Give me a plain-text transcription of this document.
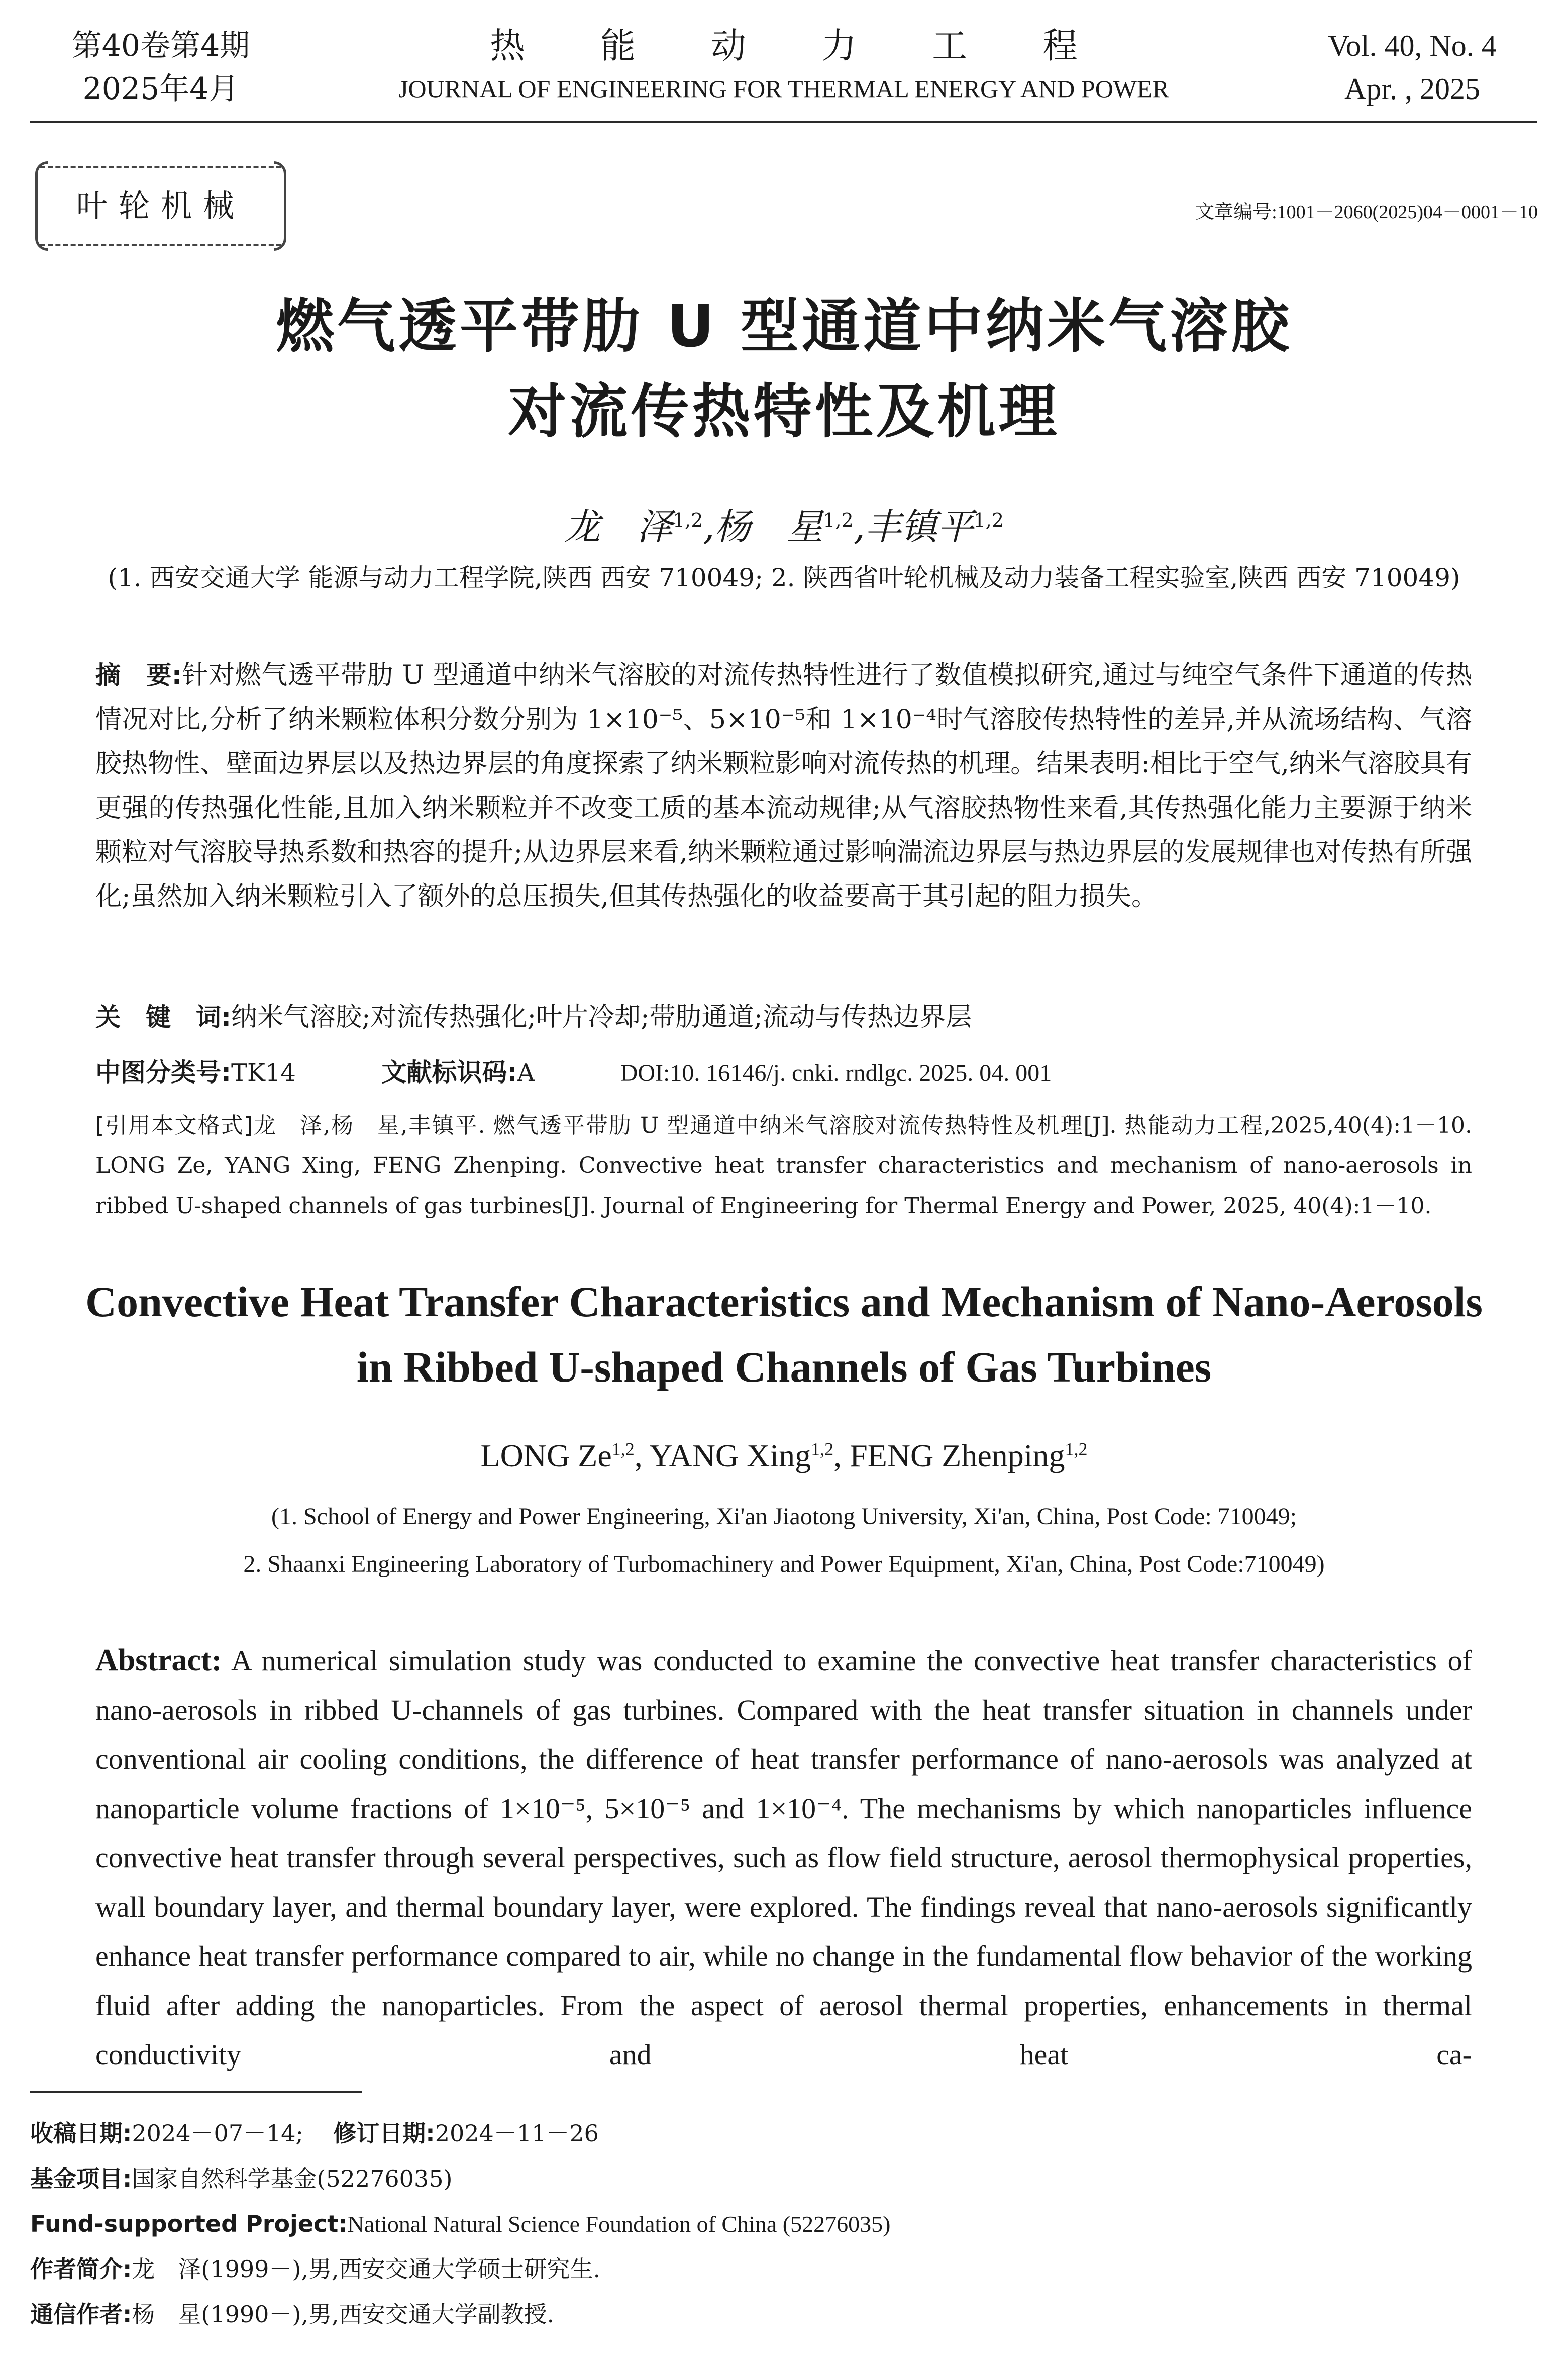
第40卷第4期
2025年4月
热能动力工程
JOURNAL OF ENGINEERING FOR THERMAL ENERGY AND POWER
Vol. 40, No. 4
Apr. , 2025
叶轮机械	文章编号:1001－2060(2025)04－0001－10
燃气透平带肋 U 型通道中纳米气溶胶
对流传热特性及机理
龙　泽$^{1,2}$,杨　星$^{1,2}$,丰镇平$^{1,2}$
(1. 西安交通大学 能源与动力工程学院,陕西 西安 710049; 2. 陕西省叶轮机械及动力装备工程实验室,陕西 西安 710049)
摘　要:针对燃气透平带肋 U 型通道中纳米气溶胶的对流传热特性进行了数值模拟研究,通过与纯空气条件下通道的传热情况对比,分析了纳米颗粒体积分数分别为 1×10⁻⁵、5×10⁻⁵和 1×10⁻⁴时气溶胶传热特性的差异,并从流场结构、气溶胶热物性、壁面边界层以及热边界层的角度探索了纳米颗粒影响对流传热的机理。结果表明:相比于空气,纳米气溶胶具有更强的传热强化性能,且加入纳米颗粒并不改变工质的基本流动规律;从气溶胶热物性来看,其传热强化能力主要源于纳米颗粒对气溶胶导热系数和热容的提升;从边界层来看,纳米颗粒通过影响湍流边界层与热边界层的发展规律也对传热有所强化;虽然加入纳米颗粒引入了额外的总压损失,但其传热强化的收益要高于其引起的阻力损失。
关　键　词:纳米气溶胶;对流传热强化;叶片冷却;带肋通道;流动与传热边界层
中图分类号:TK14	文献标识码:A	DOI:10. 16146/j. cnki. rndlgc. 2025. 04. 001
[引用本文格式]龙　泽,杨　星,丰镇平. 燃气透平带肋 U 型通道中纳米气溶胶对流传热特性及机理[J]. 热能动力工程,2025,40(4):1－10. LONG Ze, YANG Xing, FENG Zhenping. Convective heat transfer characteristics and mechanism of nano-aerosols in ribbed U-shaped channels of gas turbines[J]. Journal of Engineering for Thermal Energy and Power, 2025, 40(4):1－10.
Convective Heat Transfer Characteristics and Mechanism of Nano-Aerosols
in Ribbed U-shaped Channels of Gas Turbines
LONG Ze$^{1,2}$, YANG Xing$^{1,2}$, FENG Zhenping$^{1,2}$
(1. School of Energy and Power Engineering, Xi'an Jiaotong University, Xi'an, China, Post Code: 710049;
2. Shaanxi Engineering Laboratory of Turbomachinery and Power Equipment, Xi'an, China, Post Code:710049)
Abstract: A numerical simulation study was conducted to examine the convective heat transfer characteristics of nano-aerosols in ribbed U-channels of gas turbines. Compared with the heat transfer situation in channels under conventional air cooling conditions, the difference of heat transfer performance of nano-aerosols was analyzed at nanoparticle volume fractions of 1×10⁻⁵, 5×10⁻⁵ and 1×10⁻⁴. The mechanisms by which nanoparticles influence convective heat transfer through several perspectives, such as flow field structure, aerosol thermophysical properties, wall boundary layer, and thermal boundary layer, were explored. The findings reveal that nano-aerosols significantly enhance heat transfer performance compared to air, while no change in the fundamental flow behavior of the working fluid after adding the nanoparticles. From the aspect of aerosol thermal properties, enhancements in thermal conductivity and heat ca-
收稿日期:2024－07－14; 修订日期:2024－11－26
基金项目:国家自然科学基金(52276035)
Fund-supported Project:National Natural Science Foundation of China (52276035)
作者简介:龙　泽(1999－),男,西安交通大学硕士研究生.
通信作者:杨　星(1990－),男,西安交通大学副教授.
